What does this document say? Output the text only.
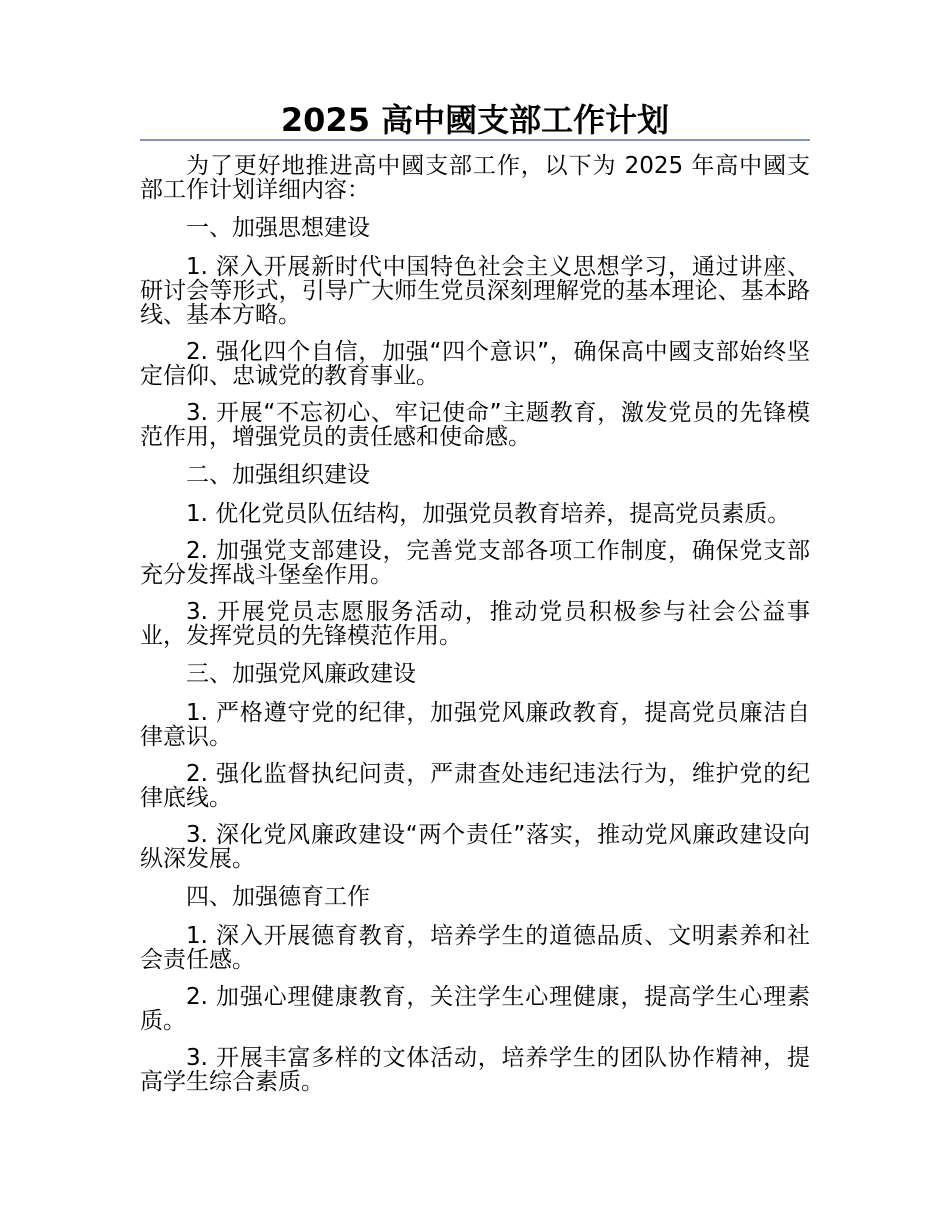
2025 高中國支部工作计划

为了更好地推进高中國支部工作，以下为 2025 年高中國支部工作计划详细内容：

一、加强思想建设

1. 深入开展新时代中国特色社会主义思想学习，通过讲座、研讨会等形式，引导广大师生党员深刻理解党的基本理论、基本路线、基本方略。

2. 强化四个自信，加强“四个意识”，确保高中國支部始终坚定信仰、忠诚党的教育事业。

3. 开展“不忘初心、牢记使命”主题教育，激发党员的先锋模范作用，增强党员的责任感和使命感。

二、加强组织建设

1. 优化党员队伍结构，加强党员教育培养，提高党员素质。

2. 加强党支部建设，完善党支部各项工作制度，确保党支部充分发挥战斗堡垒作用。

3. 开展党员志愿服务活动，推动党员积极参与社会公益事业，发挥党员的先锋模范作用。

三、加强党风廉政建设

1. 严格遵守党的纪律，加强党风廉政教育，提高党员廉洁自律意识。

2. 强化监督执纪问责，严肃查处违纪违法行为，维护党的纪律底线。

3. 深化党风廉政建设“两个责任”落实，推动党风廉政建设向纵深发展。

四、加强德育工作

1. 深入开展德育教育，培养学生的道德品质、文明素养和社会责任感。

2. 加强心理健康教育，关注学生心理健康，提高学生心理素质。

3. 开展丰富多样的文体活动，培养学生的团队协作精神，提高学生综合素质。
